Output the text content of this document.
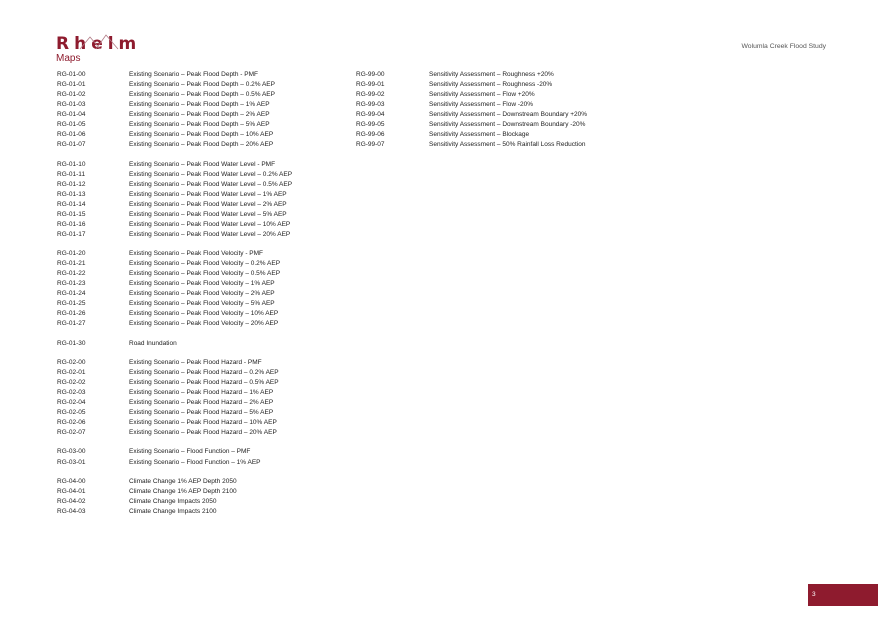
Rhelm
Maps
Wolumla Creek Flood Study
RG-01-00	Existing Scenario – Peak Flood Depth - PMF
RG-01-01	Existing Scenario – Peak Flood Depth – 0.2% AEP
RG-01-02	Existing Scenario – Peak Flood Depth – 0.5% AEP
RG-01-03	Existing Scenario – Peak Flood Depth – 1% AEP
RG-01-04	Existing Scenario – Peak Flood Depth – 2% AEP
RG-01-05	Existing Scenario – Peak Flood Depth – 5% AEP
RG-01-06	Existing Scenario – Peak Flood Depth – 10% AEP
RG-01-07	Existing Scenario – Peak Flood Depth – 20% AEP
RG-01-10	Existing Scenario – Peak Flood Water Level - PMF
RG-01-11	Existing Scenario – Peak Flood Water Level – 0.2% AEP
RG-01-12	Existing Scenario – Peak Flood Water Level – 0.5% AEP
RG-01-13	Existing Scenario – Peak Flood Water Level – 1% AEP
RG-01-14	Existing Scenario – Peak Flood Water Level – 2% AEP
RG-01-15	Existing Scenario – Peak Flood Water Level – 5% AEP
RG-01-16	Existing Scenario – Peak Flood Water Level – 10% AEP
RG-01-17	Existing Scenario – Peak Flood Water Level – 20% AEP
RG-01-20	Existing Scenario – Peak Flood Velocity - PMF
RG-01-21	Existing Scenario – Peak Flood Velocity – 0.2% AEP
RG-01-22	Existing Scenario – Peak Flood Velocity – 0.5% AEP
RG-01-23	Existing Scenario – Peak Flood Velocity – 1% AEP
RG-01-24	Existing Scenario – Peak Flood Velocity – 2% AEP
RG-01-25	Existing Scenario – Peak Flood Velocity – 5% AEP
RG-01-26	Existing Scenario – Peak Flood Velocity – 10% AEP
RG-01-27	Existing Scenario – Peak Flood Velocity – 20% AEP
RG-01-30	Road Inundation
RG-02-00	Existing Scenario – Peak Flood Hazard - PMF
RG-02-01	Existing Scenario – Peak Flood Hazard – 0.2% AEP
RG-02-02	Existing Scenario – Peak Flood Hazard – 0.5% AEP
RG-02-03	Existing Scenario – Peak Flood Hazard – 1% AEP
RG-02-04	Existing Scenario – Peak Flood Hazard – 2% AEP
RG-02-05	Existing Scenario – Peak Flood Hazard – 5% AEP
RG-02-06	Existing Scenario – Peak Flood Hazard – 10% AEP
RG-02-07	Existing Scenario – Peak Flood Hazard – 20% AEP
RG-03-00	Existing Scenario – Flood Function – PMF
RG-03-01	Existing Scenario – Flood Function – 1% AEP
RG-04-00	Climate Change 1% AEP Depth 2050
RG-04-01	Climate Change 1% AEP Depth 2100
RG-04-02	Climate Change Impacts 2050
RG-04-03	Climate Change Impacts 2100
RG-99-00	Sensitivity Assessment – Roughness +20%
RG-99-01	Sensitivity Assessment – Roughness -20%
RG-99-02	Sensitivity Assessment – Flow +20%
RG-99-03	Sensitivity Assessment – Flow -20%
RG-99-04	Sensitivity Assessment – Downstream Boundary +20%
RG-99-05	Sensitivity Assessment – Downstream Boundary -20%
RG-99-06	Sensitivity Assessment – Blockage
RG-99-07	Sensitivity Assessment – 50% Rainfall Loss Reduction
3
